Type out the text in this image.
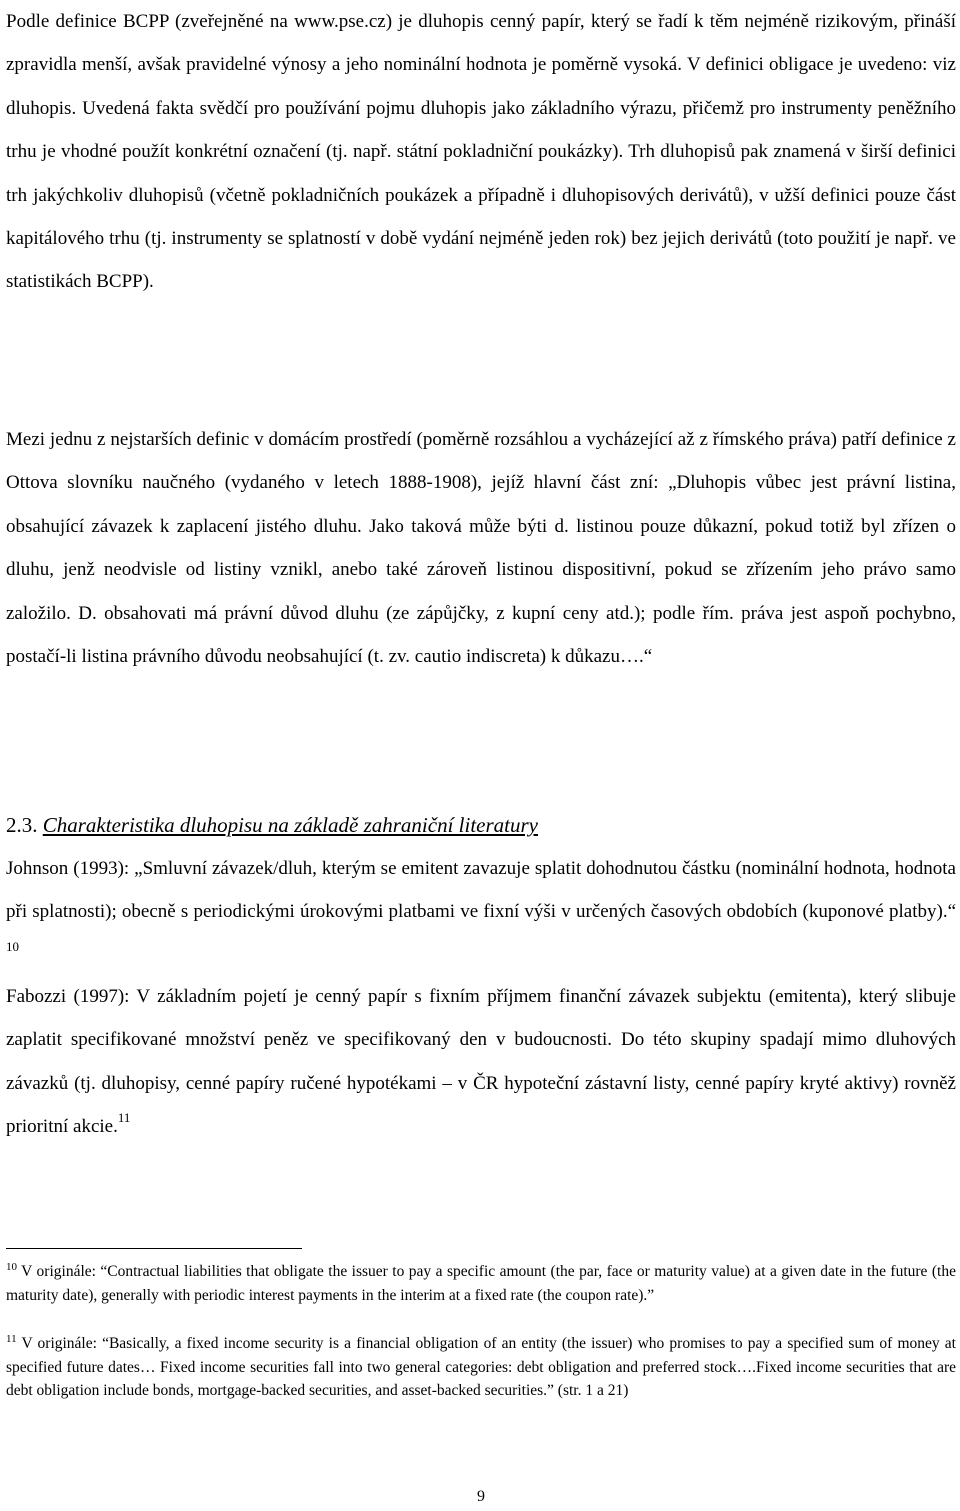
Podle definice BCPP (zveřejněné na www.pse.cz) je dluhopis cenný papír, který se řadí k těm nejméně rizikovým, přináší zpravidla menší, avšak pravidelné výnosy a jeho nominální hodnota je poměrně vysoká. V definici obligace je uvedeno: viz dluhopis. Uvedená fakta svědčí pro používání pojmu dluhopis jako základního výrazu, přičemž pro instrumenty peněžního trhu je vhodné použít konkrétní označení (tj. např. státní pokladniční poukázky). Trh dluhopisů pak znamená v širší definici trh jakýchkoliv dluhopisů (včetně pokladničních poukázek a případně i dluhopisových derivátů), v užší definici pouze část kapitálového trhu (tj. instrumenty se splatností v době vydání nejméně jeden rok) bez jejich derivátů (toto použití je např. ve statistikách BCPP).

Mezi jednu z nejstarších definic v domácím prostředí (poměrně rozsáhlou a vycházející až z římského práva) patří definice z Ottova slovníku naučného (vydaného v letech 1888-1908), jejíž hlavní část zní: „Dluhopis vůbec jest právní listina, obsahující závazek k zaplacení jistého dluhu. Jako taková může býti d. listinou pouze důkazní, pokud totiž byl zřízen o dluhu, jenž neodvisle od listiny vznikl, anebo také zároveň listinou dispositivní, pokud se zřízením jeho právo samo založilo. D. obsahovati má právní důvod dluhu (ze zápůjčky, z kupní ceny atd.); podle řím. práva jest aspoň pochybno, postačí-li listina právního důvodu neobsahující (t. zv. cautio indiscreta) k důkazu….“

2.3. Charakteristika dluhopisu na základě zahraniční literatury

Johnson (1993): „Smluvní závazek/dluh, kterým se emitent zavazuje splatit dohodnutou částku (nominální hodnota, hodnota při splatnosti); obecně s periodickými úrokovými platbami ve fixní výši v určených časových obdobích (kuponové platby).“ $^{10}$

Fabozzi (1997): V základním pojetí je cenný papír s fixním příjmem finanční závazek subjektu (emitenta), který slibuje zaplatit specifikované množství peněz ve specifikovaný den v budoucnosti. Do této skupiny spadají mimo dluhových závazků (tj. dluhopisy, cenné papíry ručené hypotékami – v ČR hypoteční zástavní listy, cenné papíry kryté aktivy) rovněž prioritní akcie.$^{11}$

$^{10}$ V originále: “Contractual liabilities that obligate the issuer to pay a specific amount (the par, face or maturity value) at a given date in the future (the maturity date), generally with periodic interest payments in the interim at a fixed rate (the coupon rate).”

$^{11}$ V originále: “Basically, a fixed income security is a financial obligation of an entity (the issuer) who promises to pay a specified sum of money at specified future dates… Fixed income securities fall into two general categories: debt obligation and preferred stock….Fixed income securities that are debt obligation include bonds, mortgage-backed securities, and asset-backed securities.” (str. 1 a 21)

9
